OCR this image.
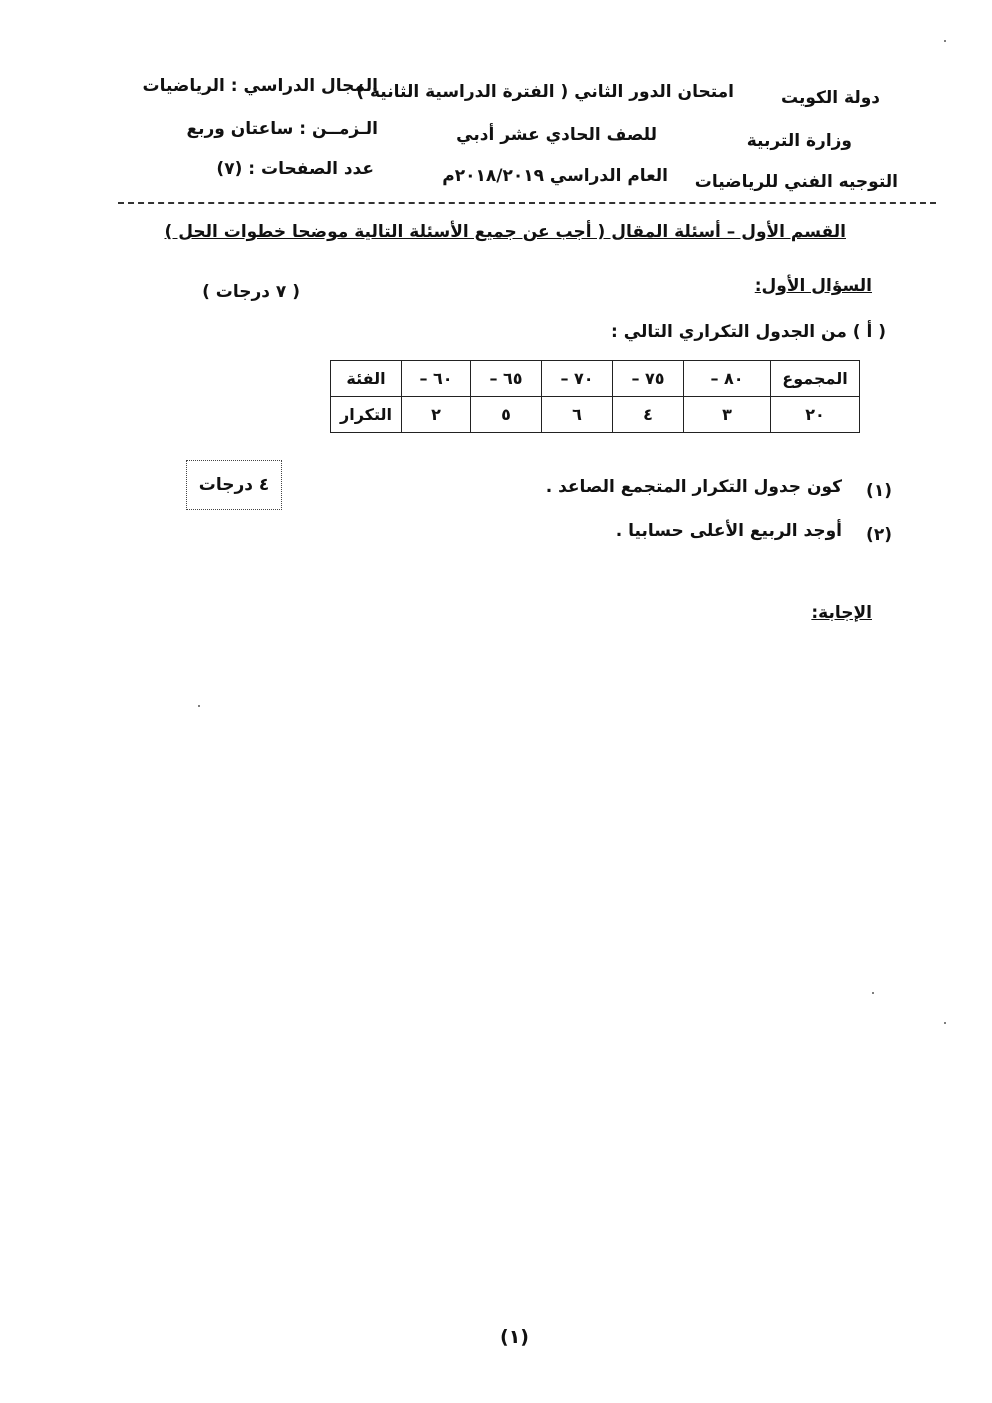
دولة الكويت
امتحان الدور الثاني ( الفترة الدراسية الثانية )
المجال الدراسي : الرياضيات
وزارة التربية
للصف الحادي عشر أدبي
الـزمــن : ساعتان وربع
التوجيه الفني للرياضيات
العام الدراسي ٢٠١٨/٢٠١٩م
عدد الصفحات : (٧)
القسم الأول – أسئلة المقال ( أجب عن جميع الأسئلة التالية موضحا خطوات الحل )
السؤال الأول:
( ٧ درجات )
( أ ) من الجدول التكراري التالي :
المجموع	٨٠ –	٧٥ –	٧٠ –	٦٥ –	٦٠ –	الفئة
٢٠	٣	٤	٦	٥	٢	التكرار
٤ درجات	(١)
كون جدول التكرار المتجمع الصاعد .
(٢)
أوجد الربيع الأعلى حسابيا .
الإجابة:
(١)
